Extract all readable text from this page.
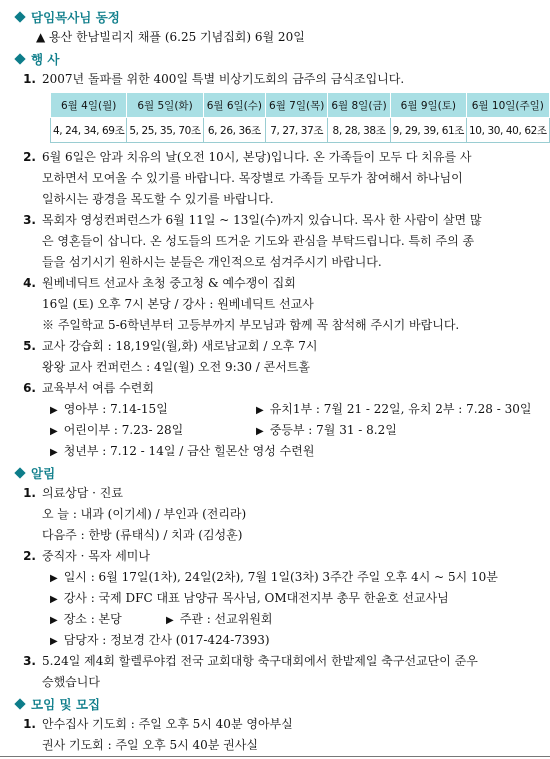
담임목사님 동정
▲ 용산 한남빌리지 채플 (6.25 기념집회) 6월 20일
행 사
1. 2007년 돌파를 위한 400일 특별 비상기도회의 금주의 금식조입니다.
6월 4일(월)	6월 5일(화)	6월 6일(수)	6월 7일(목)	6월 8일(금)	6월 9일(토)	6월 10일(주일)
4, 24, 34, 69조	5, 25, 35, 70조	6, 26, 36조	7, 27, 37조	8, 28, 38조	9, 29, 39, 61조	10, 30, 40, 62조
2. 6월 6일은 암과 치유의 날(오전 10시, 본당)입니다. 온 가족들이 모두 다 치유를 사
모하면서 모여올 수 있기를 바랍니다. 목장별로 가족들 모두가 참여해서 하나님이
일하시는 광경을 목도할 수 있기를 바랍니다.
3. 목회자 영성컨퍼런스가 6월 11일 ~ 13일(수)까지 있습니다. 목사 한 사람이 살면 많
은 영혼들이 삽니다. 온 성도들의 뜨거운 기도와 관심을 부탁드립니다. 특히 주의 종
들을 섬기시기 원하시는 분들은 개인적으로 섬겨주시기 바랍니다.
4. 원베네딕트 선교사 초청 중고청 & 예수쟁이 집회
16일 (토) 오후 7시 본당 / 강사 : 원베네딕트 선교사
※ 주일학교 5-6학년부터 고등부까지 부모님과 함께 꼭 참석해 주시기 바랍니다.
5. 교사 강습회 : 18,19일(월,화) 새로남교회 / 오후 7시
왕왕 교사 컨퍼런스 : 4일(월) 오전 9:30 / 콘서트홀
6. 교육부서 여름 수련회
▶ 영아부 : 7.14-15일	▶ 유치1부 : 7월 21 - 22일, 유치 2부 : 7.28 - 30일
▶ 어린이부 : 7.23- 28일	▶ 중등부 : 7월 31 - 8.2일
▶ 청년부 : 7.12 - 14일 / 금산 힐몬산 영성 수련원
알림
1. 의료상담 · 진료
오 늘 : 내과 (이기세) / 부인과 (전리라)
다음주 : 한방 (류태식) / 치과 (김성훈)
2. 중직자 · 목자 세미나
▶ 일시 : 6월 17일(1차), 24일(2차), 7월 1일(3차) 3주간 주일 오후 4시 ~ 5시 10분
▶ 강사 : 국제 DFC 대표 남양규 목사님, OM대전지부 총무 한윤호 선교사님
▶ 장소 : 본당	▶ 주관 : 선교위원회
▶ 담당자 : 정보경 간사 (017-424-7393)
3. 5.24일 제4회 할렐루야컵 전국 교회대항 축구대회에서 한밭제일 축구선교단이 준우
승했습니다
모임 및 모집
1. 안수집사 기도회 : 주일 오후 5시 40분 영아부실
권사 기도회 : 주일 오후 5시 40분 권사실
